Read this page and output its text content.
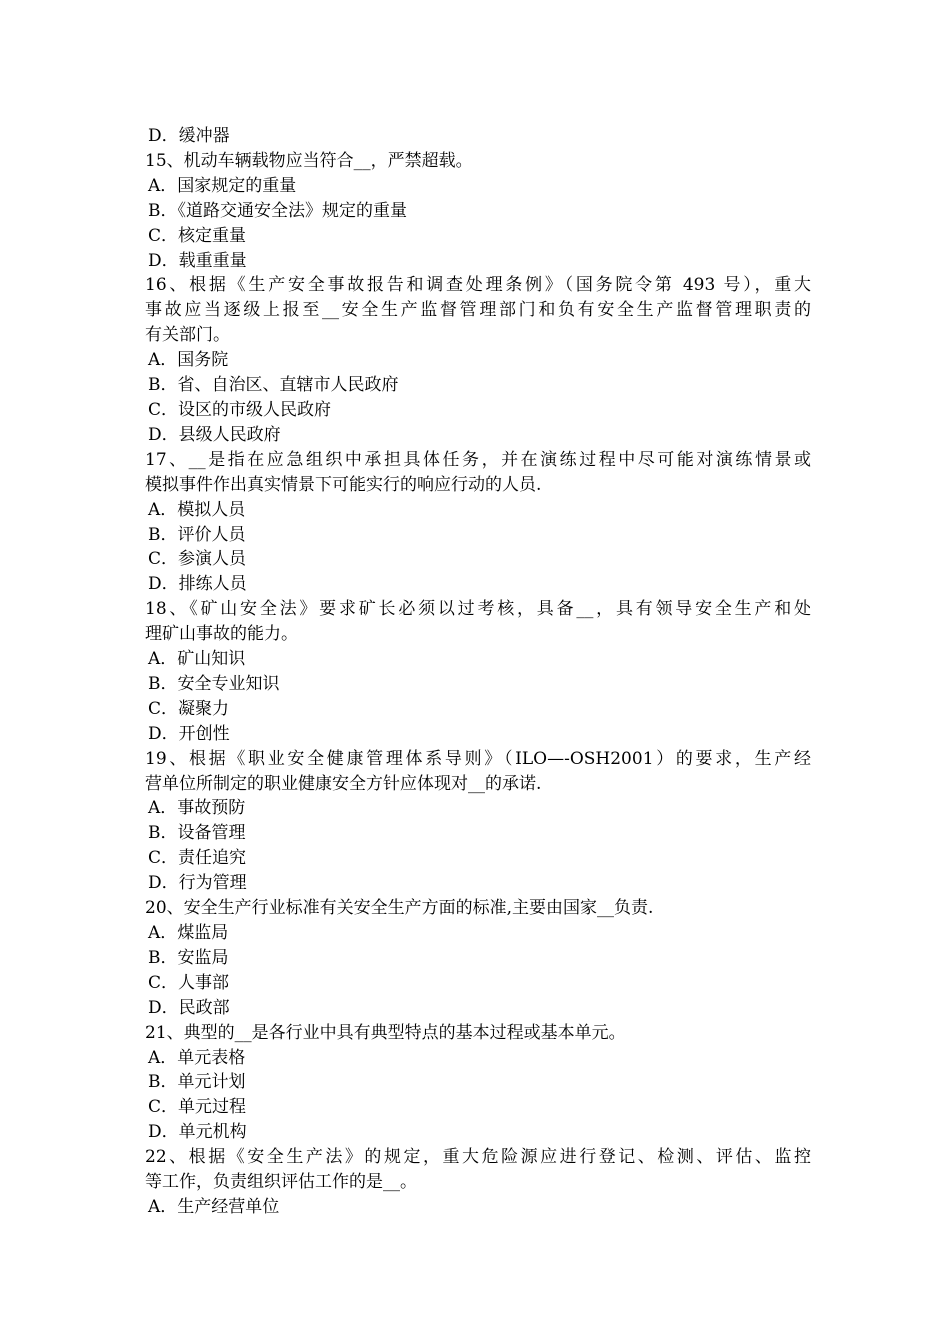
D．缓冲器
15、机动车辆载物应当符合__，严禁超载。
A．国家规定的重量
B．《道路交通安全法》规定的重量
C．核定重量
D．载重重量
16、根据《生产安全事故报告和调查处理条例》（国务院令第 493 号），重大
事故应当逐级上报至__安全生产监督管理部门和负有安全生产监督管理职责的
有关部门。
A．国务院
B．省、自治区、直辖市人民政府
C．设区的市级人民政府
D．县级人民政府
17、__是指在应急组织中承担具体任务，并在演练过程中尽可能对演练情景或
模拟事件作出真实情景下可能实行的响应行动的人员.
A．模拟人员
B．评价人员
C．参演人员
D．排练人员
18、《矿山安全法》要求矿长必须以过考核，具备__，具有领导安全生产和处
理矿山事故的能力。
A．矿山知识
B．安全专业知识
C．凝聚力
D．开创性
19、根据《职业安全健康管理体系导则》（ILO—-OSH2001）的要求，生产经
营单位所制定的职业健康安全方针应体现对__的承诺.
A．事故预防
B．设备管理
C．责任追究
D．行为管理
20、安全生产行业标准有关安全生产方面的标准,主要由国家__负责.
A．煤监局
B．安监局
C．人事部
D．民政部
21、典型的__是各行业中具有典型特点的基本过程或基本单元。
A．单元表格
B．单元计划
C．单元过程
D．单元机构
22、根据《安全生产法》的规定，重大危险源应进行登记、检测、评估、监控
等工作，负责组织评估工作的是__。
A．生产经营单位
